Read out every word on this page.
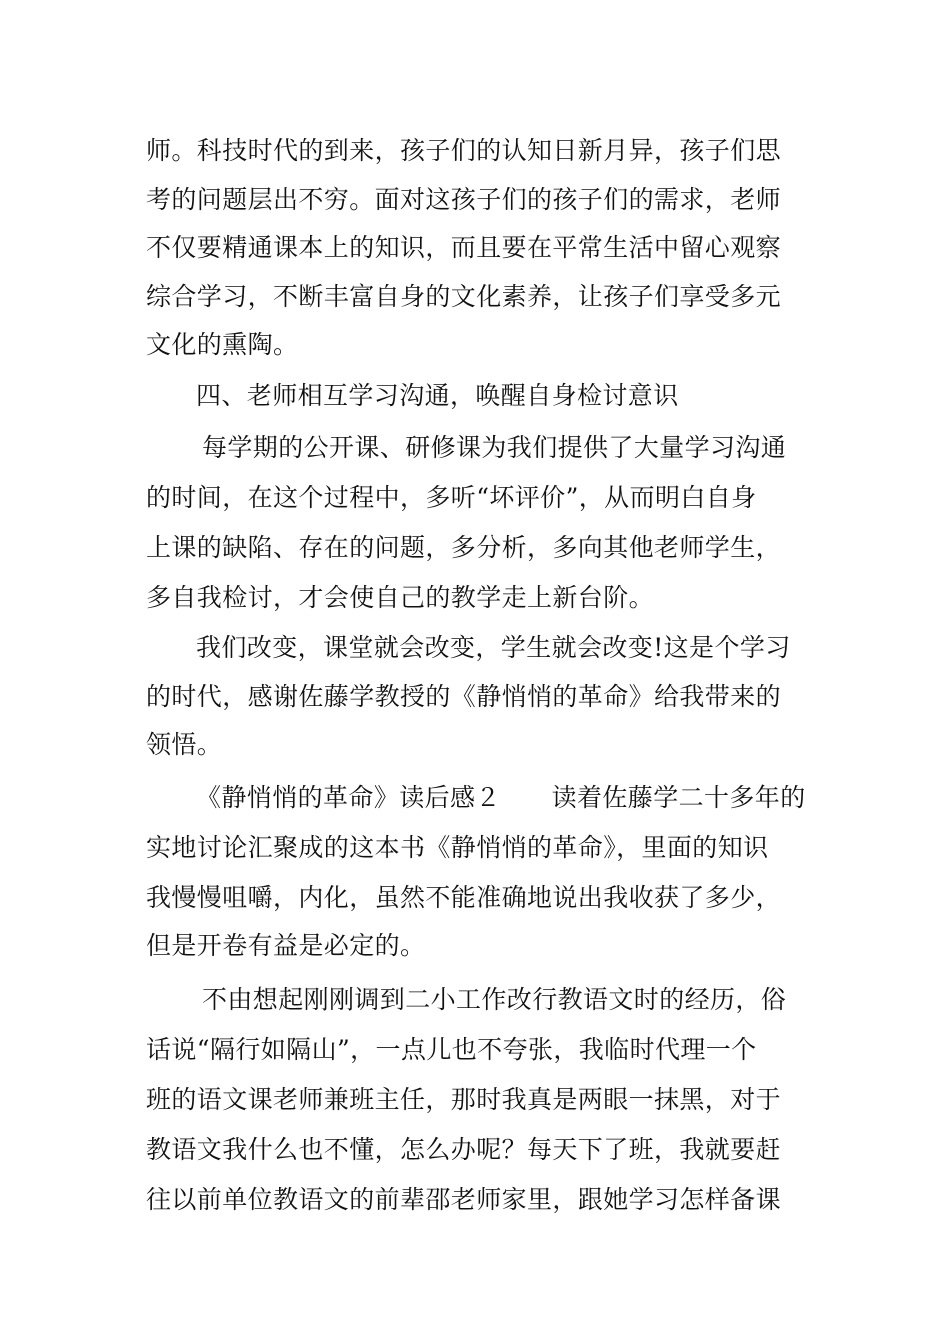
师。科技时代的到来，孩子们的认知日新月异，孩子们思
考的问题层出不穷。面对这孩子们的孩子们的需求，老师
不仅要精通课本上的知识，而且要在平常生活中留心观察
综合学习，不断丰富自身的文化素养，让孩子们享受多元
文化的熏陶。
四、老师相互学习沟通，唤醒自身检讨意识
每学期的公开课、研修课为我们提供了大量学习沟通
的时间，在这个过程中，多听“坏评价”，从而明白自身
上课的缺陷、存在的问题，多分析，多向其他老师学生，
多自我检讨，才会使自己的教学走上新台阶。
我们改变，课堂就会改变，学生就会改变!这是个学习
的时代，感谢佐藤学教授的《静悄悄的革命》给我带来的
领悟。
《静悄悄的革命》读后感２　　读着佐藤学二十多年的
实地讨论汇聚成的这本书《静悄悄的革命》，里面的知识
我慢慢咀嚼，内化，虽然不能准确地说出我收获了多少，
但是开卷有益是必定的。
不由想起刚刚调到二小工作改行教语文时的经历，俗
话说“隔行如隔山”，一点儿也不夸张，我临时代理一个
班的语文课老师兼班主任，那时我真是两眼一抹黑，对于
教语文我什么也不懂，怎么办呢？每天下了班，我就要赶
往以前单位教语文的前辈邵老师家里，跟她学习怎样备课
